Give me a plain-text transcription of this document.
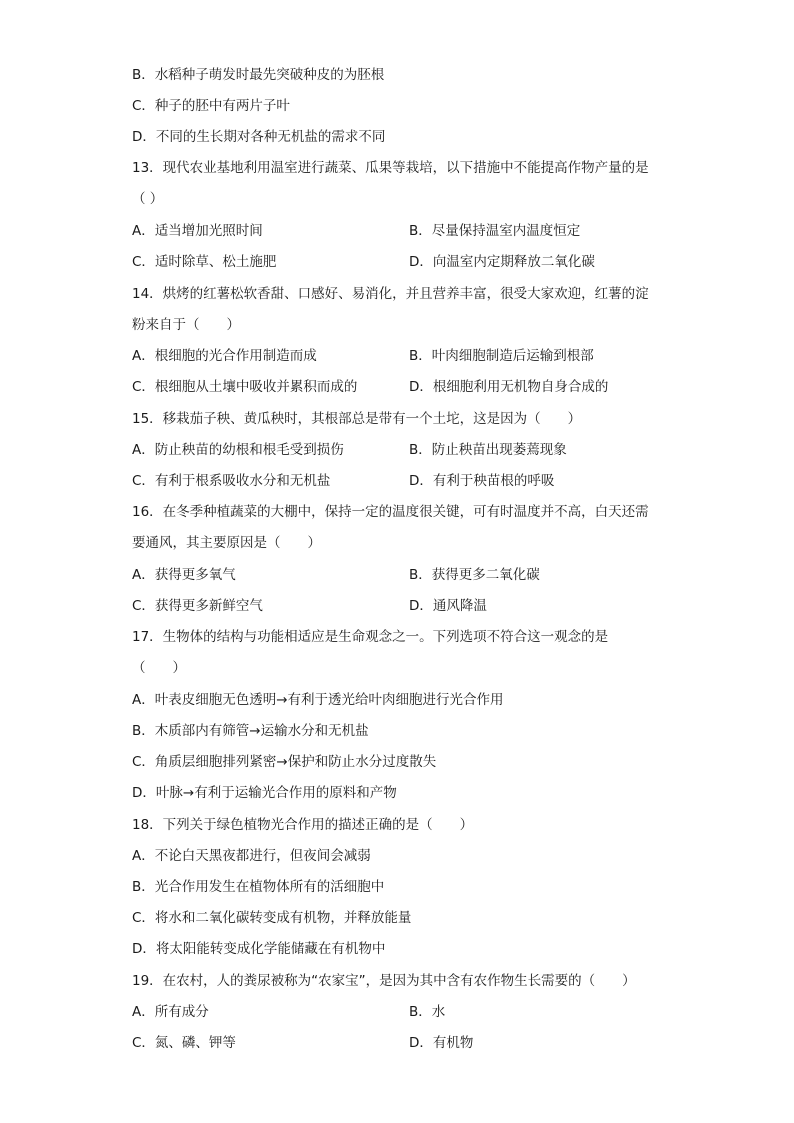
B．水稻种子萌发时最先突破种皮的为胚根
C．种子的胚中有两片子叶
D．不同的生长期对各种无机盐的需求不同
13．现代农业基地利用温室进行蔬菜、瓜果等栽培，以下措施中不能提高作物产量的是
（ ）
A．适当增加光照时间	B．尽量保持温室内温度恒定
C．适时除草、松土施肥	D．向温室内定期释放二氧化碳
14．烘烤的红薯松软香甜、口感好、易消化，并且营养丰富，很受大家欢迎，红薯的淀
粉来自于（　　）
A．根细胞的光合作用制造而成	B．叶肉细胞制造后运输到根部
C．根细胞从土壤中吸收并累积而成的	D．根细胞利用无机物自身合成的
15．移栽茄子秧、黄瓜秧时，其根部总是带有一个土坨，这是因为（　　）
A．防止秧苗的幼根和根毛受到损伤	B．防止秧苗出现萎蔫现象
C．有利于根系吸收水分和无机盐	D．有利于秧苗根的呼吸
16．在冬季种植蔬菜的大棚中，保持一定的温度很关键，可有时温度并不高，白天还需
要通风，其主要原因是（　　）
A．获得更多氧气	B．获得更多二氧化碳
C．获得更多新鲜空气	D．通风降温
17．生物体的结构与功能相适应是生命观念之一。下列选项不符合这一观念的是
（　　）
A．叶表皮细胞无色透明→有利于透光给叶肉细胞进行光合作用
B．木质部内有筛管→运输水分和无机盐
C．角质层细胞排列紧密→保护和防止水分过度散失
D．叶脉→有利于运输光合作用的原料和产物
18．下列关于绿色植物光合作用的描述正确的是（　　）
A．不论白天黑夜都进行，但夜间会减弱
B．光合作用发生在植物体所有的活细胞中
C．将水和二氧化碳转变成有机物，并释放能量
D．将太阳能转变成化学能储藏在有机物中
19．在农村，人的粪尿被称为“农家宝”，是因为其中含有农作物生长需要的（　　）
A．所有成分	B．水
C．氮、磷、钾等	D．有机物
